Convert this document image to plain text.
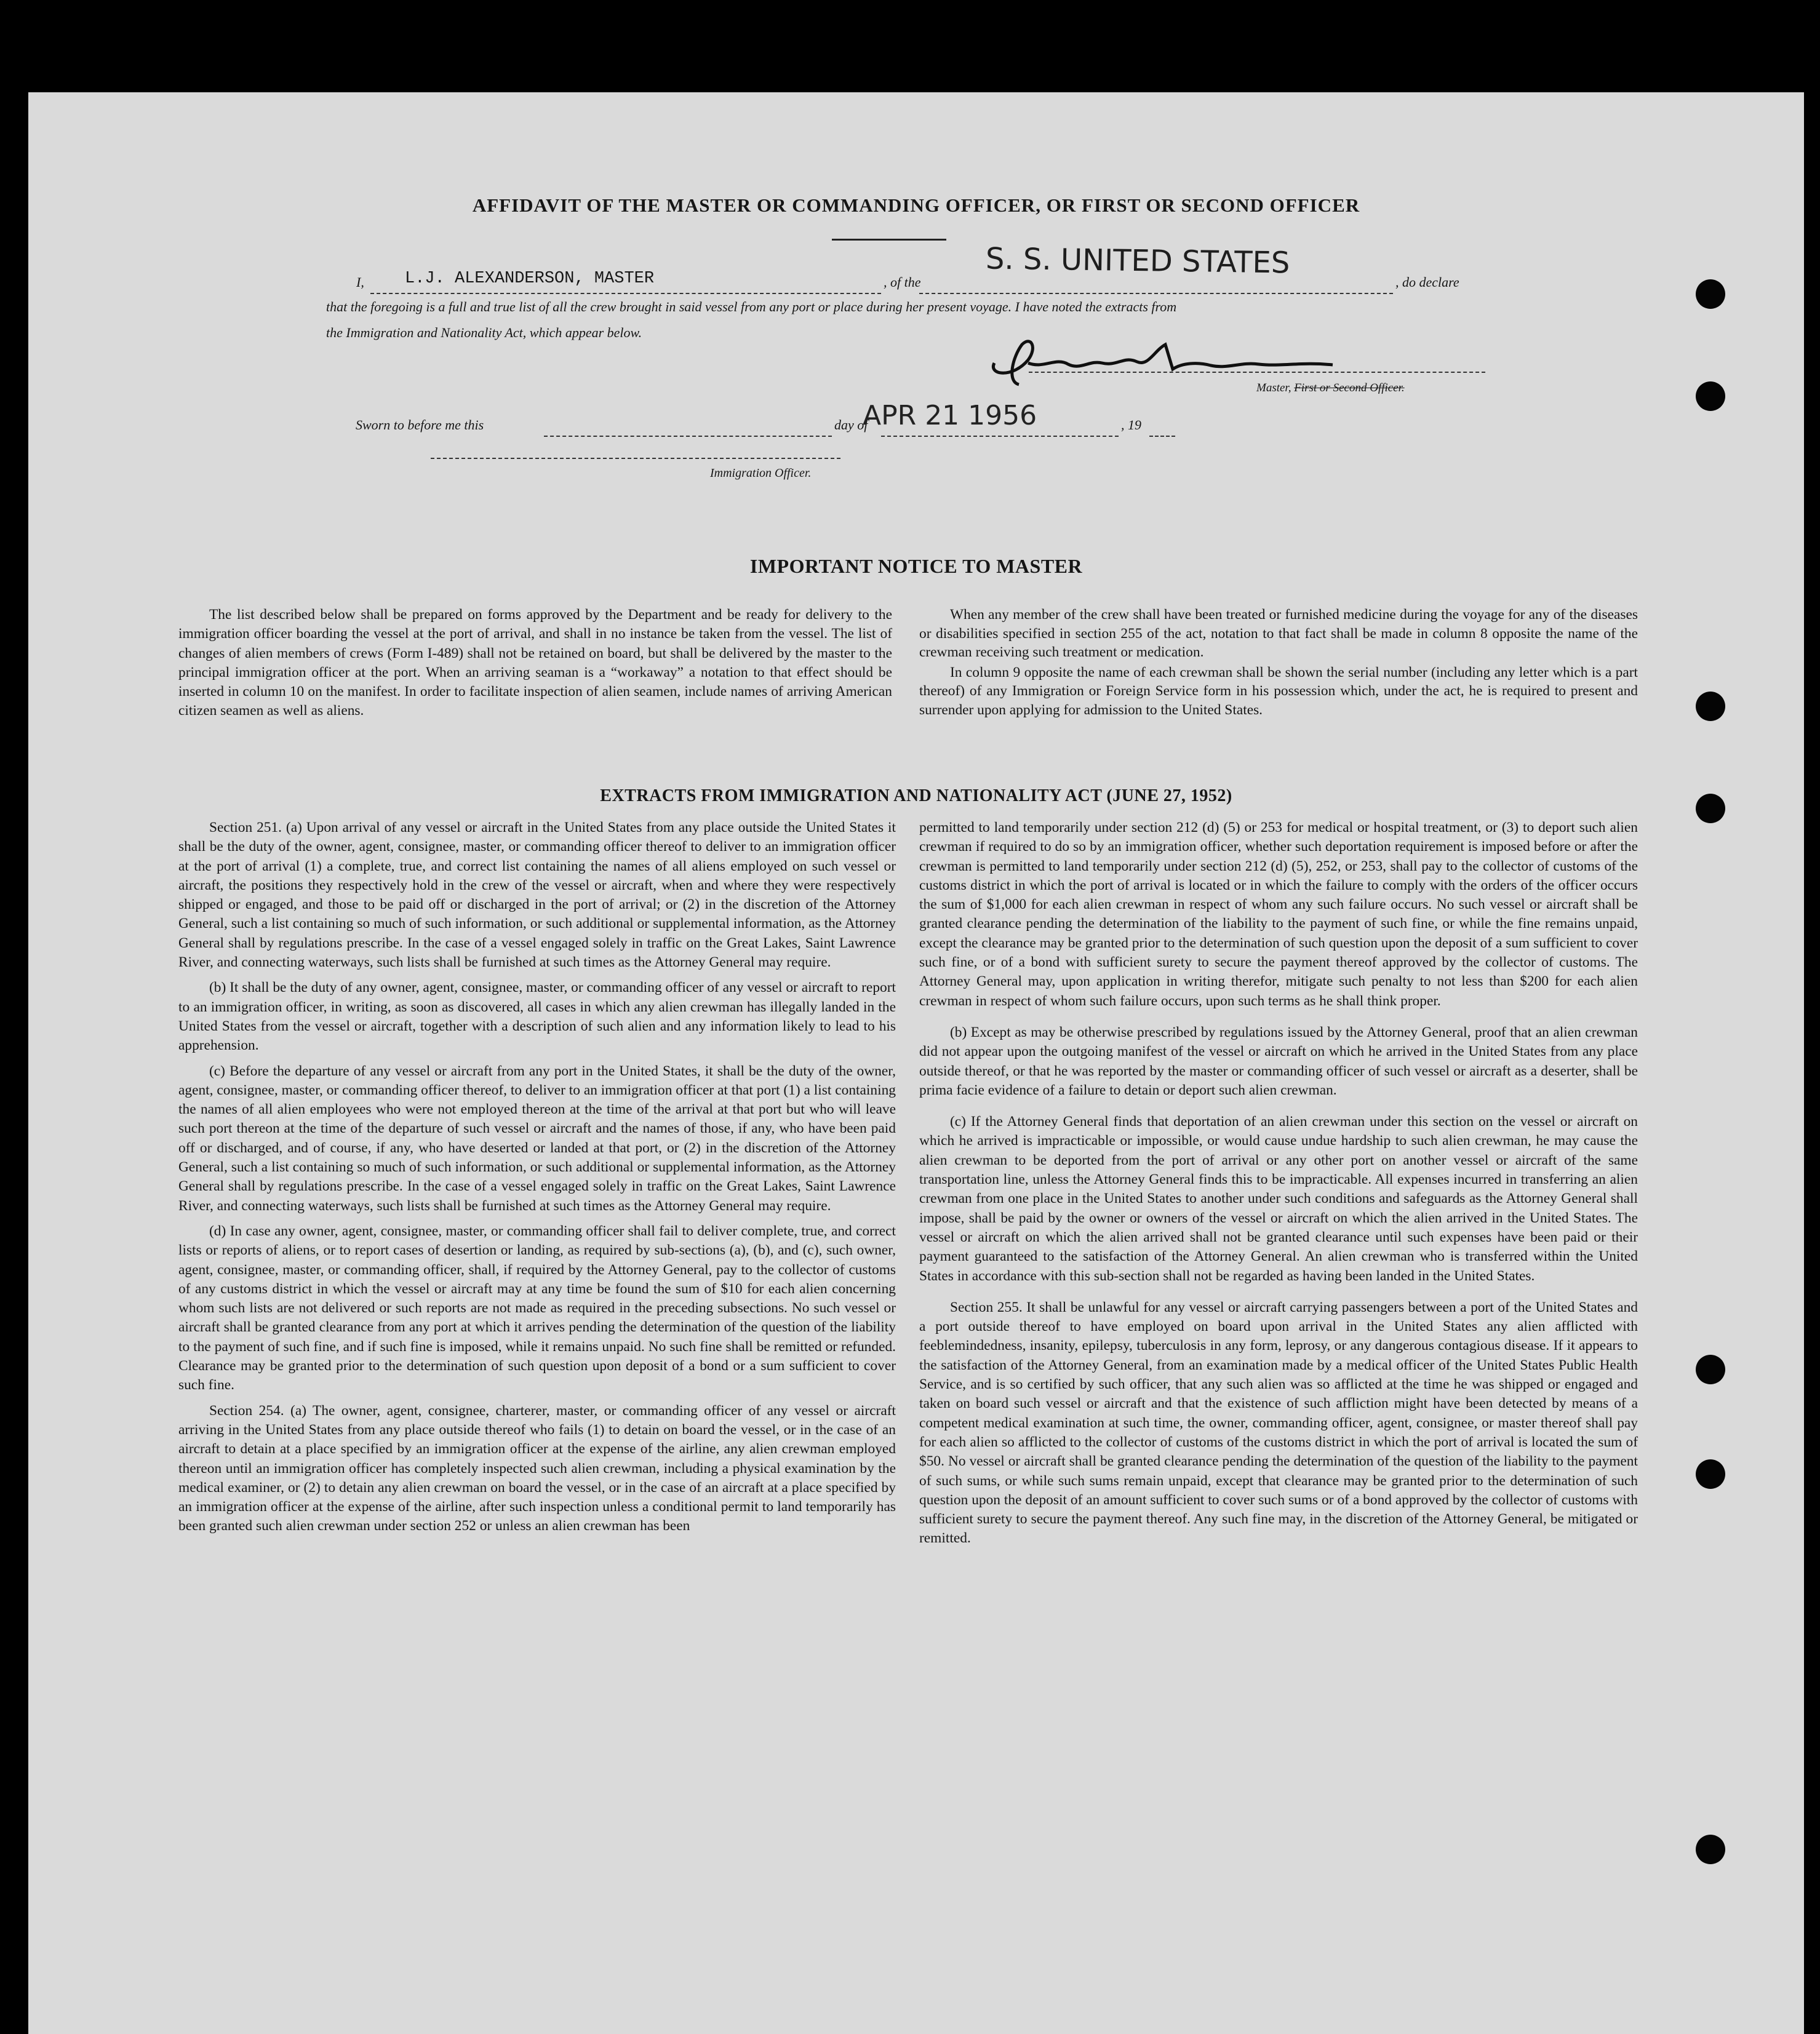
AFFIDAVIT OF THE MASTER OR COMMANDING OFFICER, OR FIRST OR SECOND OFFICER
I, L.J. ALEXANDERSON, MASTER	, of the
S. S. UNITED STATES
, do declare
that the foregoing is a full and true list of all the crew brought in said vessel from any port or place during her present voyage. I have noted the extracts from
the Immigration and Nationality Act, which appear below.
Master, First or Second Officer.
Sworn to before me this	day of
APR 21 1956	, 19
Immigration Officer.
IMPORTANT NOTICE TO MASTER

The list described below shall be prepared on forms approved by the Department and be ready for delivery to the immigration officer boarding the vessel at the port of arrival, and shall in no instance be taken from the vessel. The list of changes of alien members of crews (Form I-489) shall not be retained on board, but shall be delivered by the master to the principal immigration officer at the port. When an arriving seaman is a “workaway” a notation to that effect should be inserted in column 10 on the manifest. In order to facilitate inspection of alien seamen, include names of arriving American citizen seamen as well as aliens.

When any member of the crew shall have been treated or furnished medicine during the voyage for any of the diseases or disabilities specified in section 255 of the act, notation to that fact shall be made in column 8 opposite the name of the crewman receiving such treatment or medication.

In column 9 opposite the name of each crewman shall be shown the serial number (including any letter which is a part thereof) of any Immigration or Foreign Service form in his possession which, under the act, he is required to present and surrender upon applying for admission to the United States.

EXTRACTS FROM IMMIGRATION AND NATIONALITY ACT (JUNE 27, 1952)

Section 251. (a) Upon arrival of any vessel or aircraft in the United States from any place outside the United States it shall be the duty of the owner, agent, consignee, master, or commanding officer thereof to deliver to an immigration officer at the port of arrival (1) a complete, true, and correct list containing the names of all aliens employed on such vessel or aircraft, the positions they respectively hold in the crew of the vessel or aircraft, when and where they were respectively shipped or engaged, and those to be paid off or discharged in the port of arrival; or (2) in the discretion of the Attorney General, such a list containing so much of such information, or such additional or supplemental information, as the Attorney General shall by regulations prescribe. In the case of a vessel engaged solely in traffic on the Great Lakes, Saint Lawrence River, and connecting waterways, such lists shall be furnished at such times as the Attorney General may require.

(b) It shall be the duty of any owner, agent, consignee, master, or commanding officer of any vessel or aircraft to report to an immigration officer, in writing, as soon as discovered, all cases in which any alien crewman has illegally landed in the United States from the vessel or aircraft, together with a description of such alien and any information likely to lead to his apprehension.

(c) Before the departure of any vessel or aircraft from any port in the United States, it shall be the duty of the owner, agent, consignee, master, or commanding officer thereof, to deliver to an immigration officer at that port (1) a list containing the names of all alien employees who were not employed thereon at the time of the arrival at that port but who will leave such port thereon at the time of the departure of such vessel or aircraft and the names of those, if any, who have been paid off or discharged, and of course, if any, who have deserted or landed at that port, or (2) in the discretion of the Attorney General, such a list containing so much of such information, or such additional or supplemental information, as the Attorney General shall by regulations prescribe. In the case of a vessel engaged solely in traffic on the Great Lakes, Saint Lawrence River, and connecting waterways, such lists shall be furnished at such times as the Attorney General may require.

(d) In case any owner, agent, consignee, master, or commanding officer shall fail to deliver complete, true, and correct lists or reports of aliens, or to report cases of desertion or landing, as required by sub-sections (a), (b), and (c), such owner, agent, consignee, master, or commanding officer, shall, if required by the Attorney General, pay to the collector of customs of any customs district in which the vessel or aircraft may at any time be found the sum of $10 for each alien concerning whom such lists are not delivered or such reports are not made as required in the preceding subsections. No such vessel or aircraft shall be granted clearance from any port at which it arrives pending the determination of the question of the liability to the payment of such fine, and if such fine is imposed, while it remains unpaid. No such fine shall be remitted or refunded. Clearance may be granted prior to the determination of such question upon deposit of a bond or a sum sufficient to cover such fine.

Section 254. (a) The owner, agent, consignee, charterer, master, or commanding officer of any vessel or aircraft arriving in the United States from any place outside thereof who fails (1) to detain on board the vessel, or in the case of an aircraft to detain at a place specified by an immigration officer at the expense of the airline, any alien crewman employed thereon until an immigration officer has completely inspected such alien crewman, including a physical examination by the medical examiner, or (2) to detain any alien crewman on board the vessel, or in the case of an aircraft at a place specified by an immigration officer at the expense of the airline, after such inspection unless a conditional permit to land temporarily has been granted such alien crewman under section 252 or unless an alien crewman has been

permitted to land temporarily under section 212 (d) (5) or 253 for medical or hospital treatment, or (3) to deport such alien crewman if required to do so by an immigration officer, whether such deportation requirement is imposed before or after the crewman is permitted to land temporarily under section 212 (d) (5), 252, or 253, shall pay to the collector of customs of the customs district in which the port of arrival is located or in which the failure to comply with the orders of the officer occurs the sum of $1,000 for each alien crewman in respect of whom any such failure occurs. No such vessel or aircraft shall be granted clearance pending the determination of the liability to the payment of such fine, or while the fine remains unpaid, except the clearance may be granted prior to the determination of such question upon the deposit of a sum sufficient to cover such fine, or of a bond with sufficient surety to secure the payment thereof approved by the collector of customs. The Attorney General may, upon application in writing therefor, mitigate such penalty to not less than $200 for each alien crewman in respect of whom such failure occurs, upon such terms as he shall think proper.

(b) Except as may be otherwise prescribed by regulations issued by the Attorney General, proof that an alien crewman did not appear upon the outgoing manifest of the vessel or aircraft on which he arrived in the United States from any place outside thereof, or that he was reported by the master or commanding officer of such vessel or aircraft as a deserter, shall be prima facie evidence of a failure to detain or deport such alien crewman.

(c) If the Attorney General finds that deportation of an alien crewman under this section on the vessel or aircraft on which he arrived is impracticable or impossible, or would cause undue hardship to such alien crewman, he may cause the alien crewman to be deported from the port of arrival or any other port on another vessel or aircraft of the same transportation line, unless the Attorney General finds this to be impracticable. All expenses incurred in transferring an alien crewman from one place in the United States to another under such conditions and safeguards as the Attorney General shall impose, shall be paid by the owner or owners of the vessel or aircraft on which the alien arrived in the United States. The vessel or aircraft on which the alien arrived shall not be granted clearance until such expenses have been paid or their payment guaranteed to the satisfaction of the Attorney General. An alien crewman who is transferred within the United States in accordance with this sub-section shall not be regarded as having been landed in the United States.

Section 255. It shall be unlawful for any vessel or aircraft carrying passengers between a port of the United States and a port outside thereof to have employed on board upon arrival in the United States any alien afflicted with feeblemindedness, insanity, epilepsy, tuberculosis in any form, leprosy, or any dangerous contagious disease. If it appears to the satisfaction of the Attorney General, from an examination made by a medical officer of the United States Public Health Service, and is so certified by such officer, that any such alien was so afflicted at the time he was shipped or engaged and taken on board such vessel or aircraft and that the existence of such affliction might have been detected by means of a competent medical examination at such time, the owner, commanding officer, agent, consignee, or master thereof shall pay for each alien so afflicted to the collector of customs of the customs district in which the port of arrival is located the sum of $50. No vessel or aircraft shall be granted clearance pending the determination of the question of the liability to the payment of such sums, or while such sums remain unpaid, except that clearance may be granted prior to the determination of such question upon the deposit of an amount sufficient to cover such sums or of a bond approved by the collector of customs with sufficient surety to secure the payment thereof. Any such fine may, in the discretion of the Attorney General, be mitigated or remitted.
